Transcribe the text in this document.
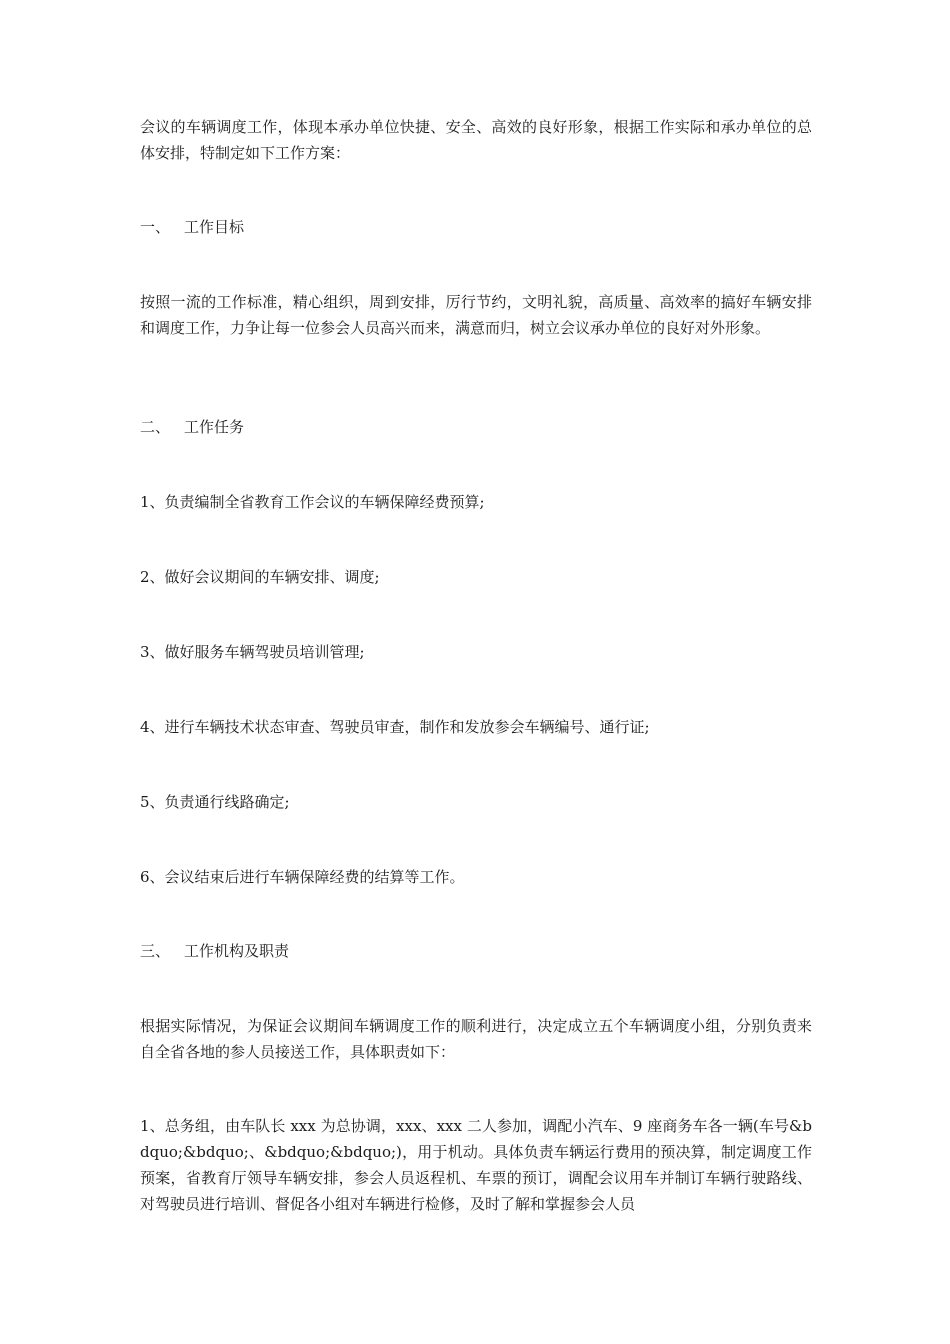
会议的车辆调度工作，体现本承办单位快捷、安全、高效的良好形象，根据工作实际和承办单位的总体安排，特制定如下工作方案：

一、 工作目标

按照一流的工作标准，精心组织，周到安排，厉行节约，文明礼貌，高质量、高效率的搞好车辆安排和调度工作，力争让每一位参会人员高兴而来，满意而归，树立会议承办单位的良好对外形象。

二、 工作任务

1、负责编制全省教育工作会议的车辆保障经费预算;

2、做好会议期间的车辆安排、调度;

3、做好服务车辆驾驶员培训管理;

4、进行车辆技术状态审查、驾驶员审查，制作和发放参会车辆编号、通行证;

5、负责通行线路确定;

6、会议结束后进行车辆保障经费的结算等工作。

三、 工作机构及职责

根据实际情况，为保证会议期间车辆调度工作的顺利进行，决定成立五个车辆调度小组，分别负责来自全省各地的参人员接送工作，具体职责如下：

1、总务组，由车队长 xxx 为总协调，xxx、xxx 二人参加，调配小汽车、9 座商务车各一辆(车号&bdquo;&bdquo;、&bdquo;&bdquo;)，用于机动。具体负责车辆运行费用的预决算，制定调度工作预案，省教育厅领导车辆安排，参会人员返程机、车票的预订，调配会议用车并制订车辆行驶路线、对驾驶员进行培训、督促各小组对车辆进行检修，及时了解和掌握参会人员
